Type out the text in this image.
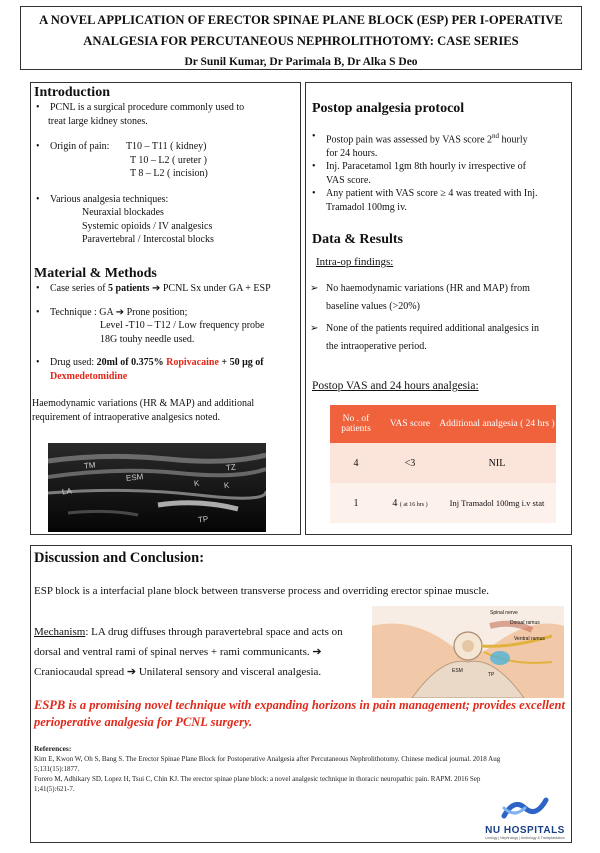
A NOVEL APPLICATION OF ERECTOR SPINAE PLANE BLOCK (ESP) PER I-OPERATIVE
ANALGESIA FOR PERCUTANEOUS NEPHROLITHOTOMY: CASE SERIES
Dr Sunil Kumar, Dr Parimala B, Dr Alka S Deo
Introduction
• PCNL is a surgical procedure commonly used to
treat large kidney stones.
• Origin of pain: T10 – T11 ( kidney)
T 10 – L2 ( ureter )
T 8 – L2 ( incision)
• Various analgesia techniques:
Neuraxial blockades
Systemic opioids / IV analgesics
Paravertebral / Intercostal blocks
Material & Methods
• Case series of 5 patients ➔ PCNL Sx under GA + ESP
• Technique : GA ➔ Prone position;
Level -T10 – T12 / Low frequency probe
18G touhy needle used.
• Drug used: 20ml of 0.375% Ropivacaine + 50 μg of
Dexmedetomidine
Haemodynamic variations (HR & MAP) and additional
requirement of intraoperative analgesics noted.
TM
ESM
LA
TZ
TP
K	K
Postop analgesia protocol
• Postop pain was assessed by VAS score 2nd hourly
for 24 hours.
• Inj. Paracetamol 1gm 8th hourly iv irrespective of
VAS score.
• Any patient with VAS score ≥ 4 was treated with Inj.
Tramadol 100mg iv.
Data & Results
Intra-op findings:
➢ No haemodynamic variations (HR and MAP) from
baseline values (>20%)
➢ None of the patients required additional analgesics in
the intraoperative period.
Postop VAS and 24 hours analgesia:
No . of patients	VAS score	Additional analgesia ( 24 hrs )
4	<3	NIL
1	4 ( at 16 hrs )	Inj Tramadol 100mg i.v stat
Discussion and Conclusion:
ESP block is a interfacial plane block between transverse process and overriding erector spinae muscle.
Mechanism: LA drug diffuses through paravertebral space and acts on
dorsal and ventral rami of spinal nerves + rami communicants. ➔
Craniocaudal spread ➔ Unilateral sensory and visceral analgesia.
Spinal nerve
Dorsal ramus
Ventral ramus
ESM
TP
ESPB is a promising novel technique with expanding horizons in pain management; provides excellent
perioperative analgesia for PCNL surgery.
References:
Kim E, Kwon W, Oh S, Bang S. The Erector Spinae Plane Block for Postoperative Analgesia after Percutaneous Nephrolithotomy. Chinese medical journal. 2018 Aug
5;131(15):1877.
Forero M, Adhikary SD, Lopez H, Tsui C, Chin KJ. The erector spinae plane block: a novel analgesic technique in thoracic neuropathic pain. RAPM. 2016 Sep
1;41(5):621-7.
NU HOSPITALS
Urology | Nephrology | Andrology & Transplantation
